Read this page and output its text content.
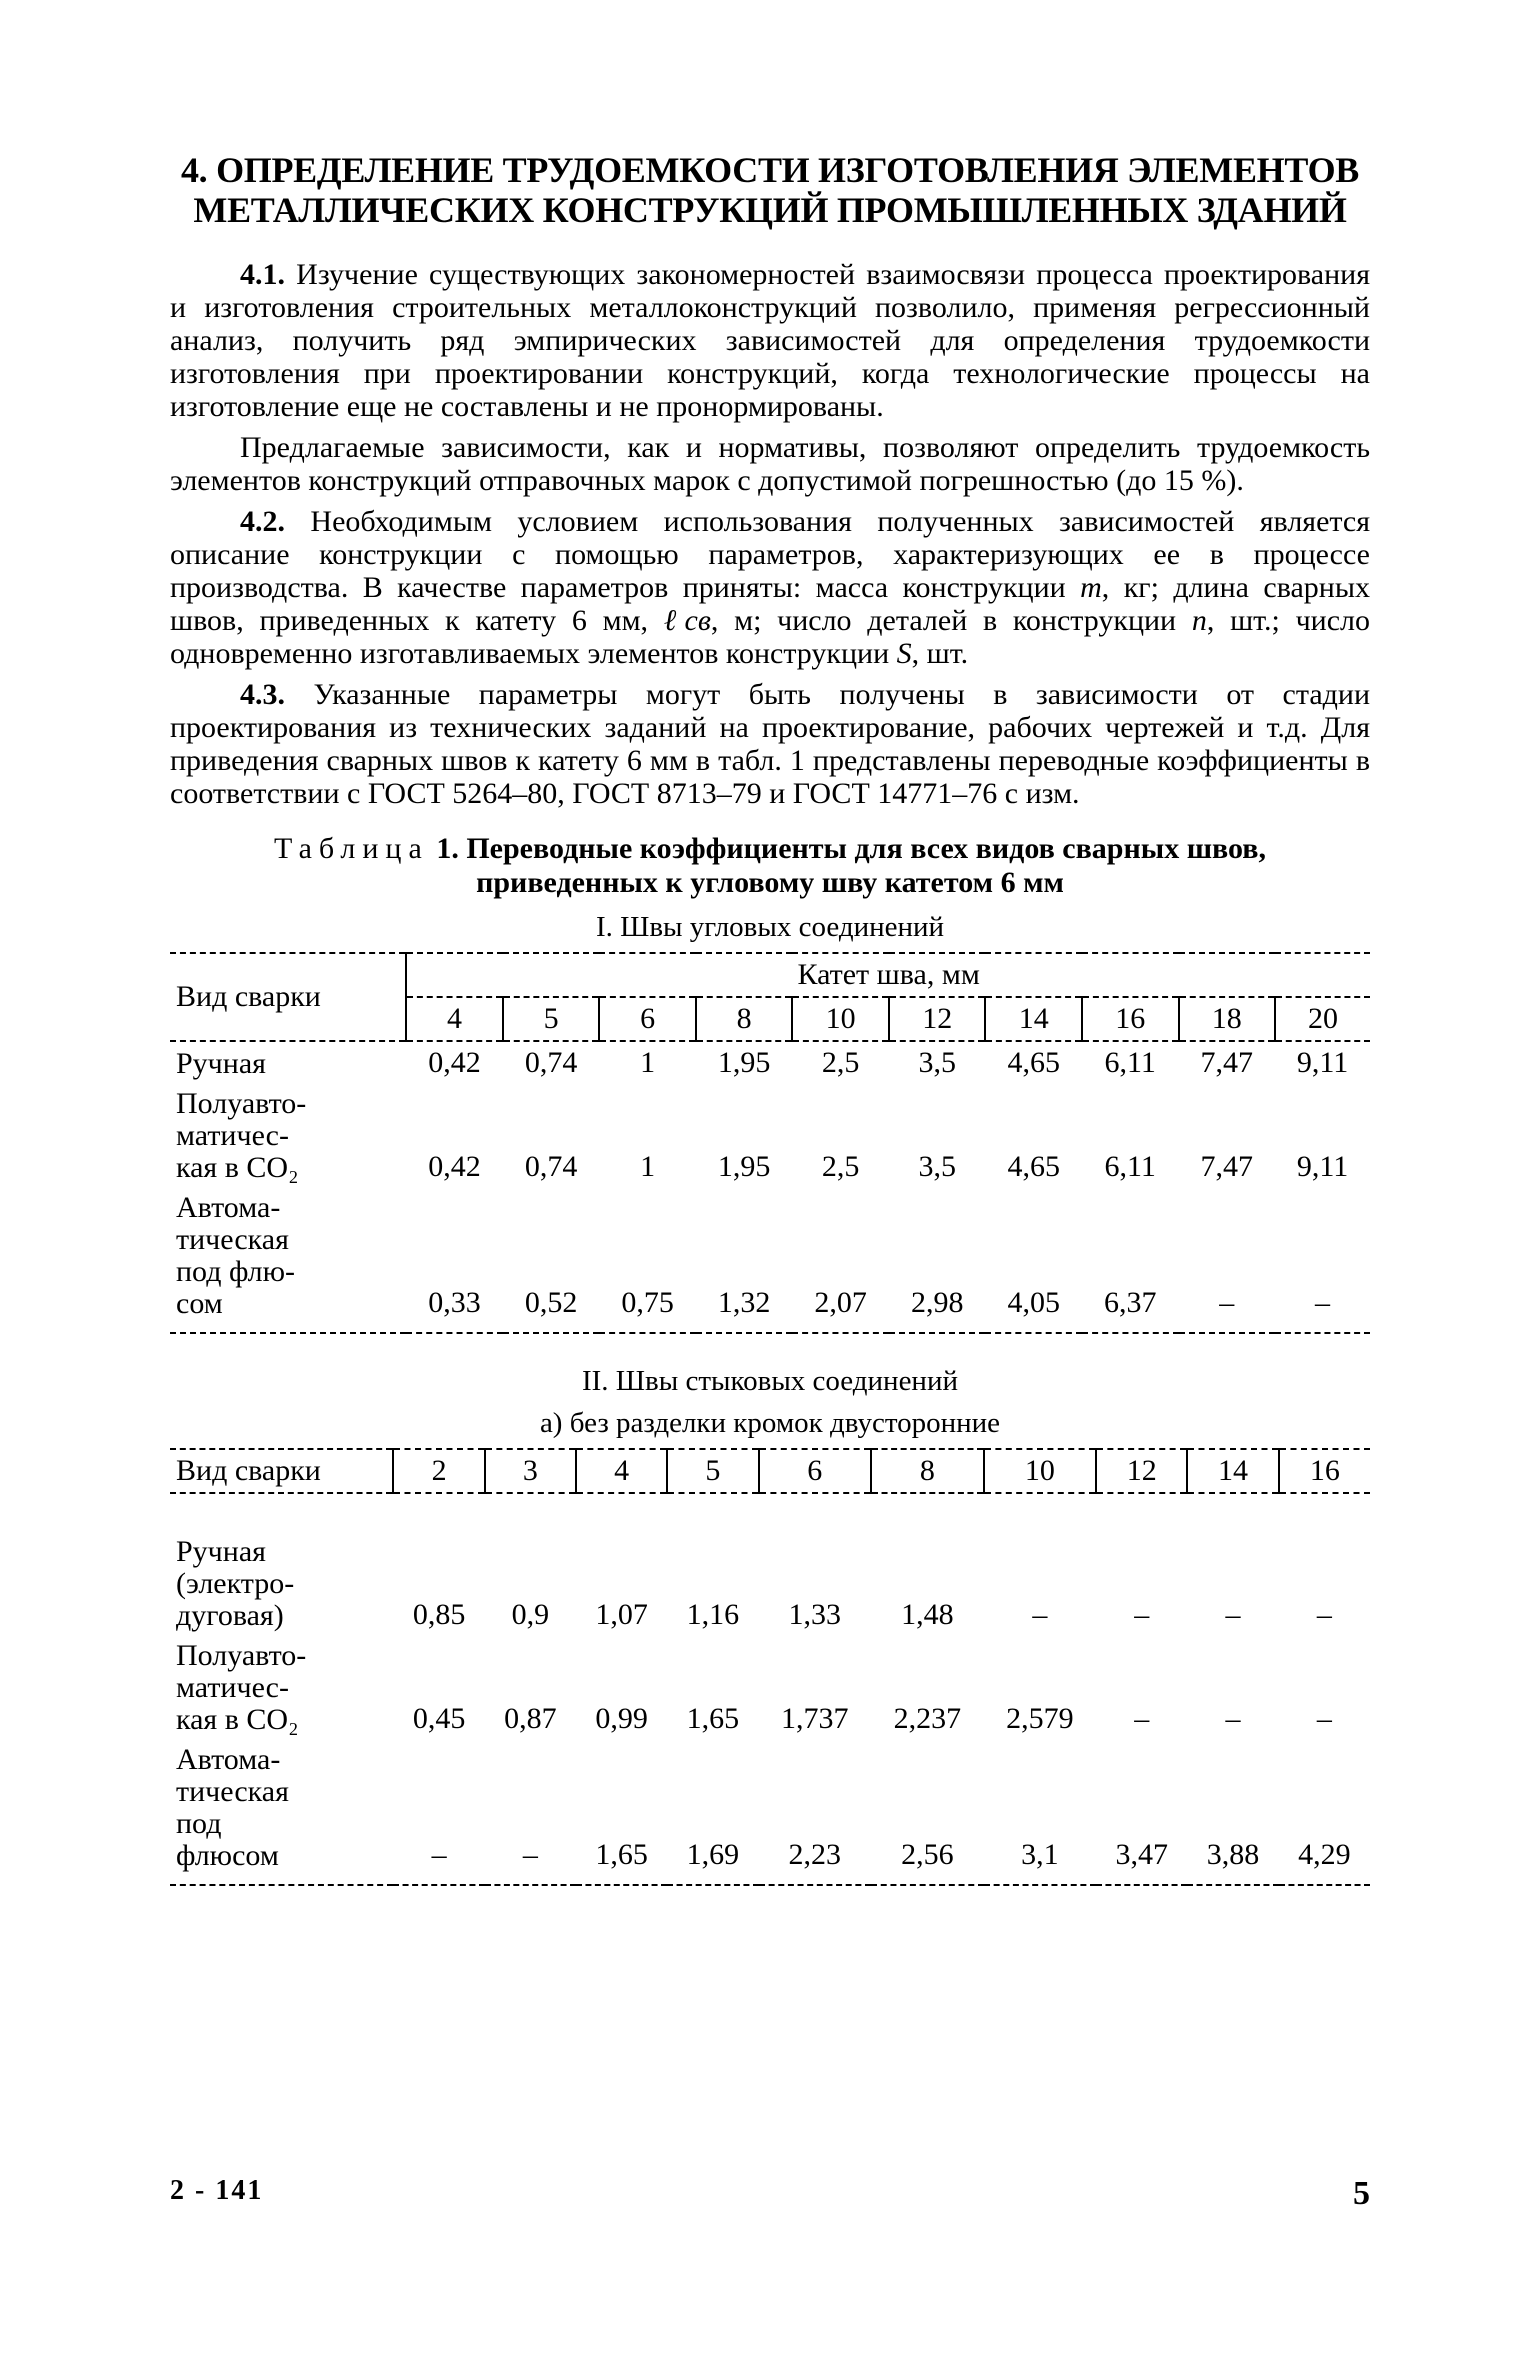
4. ОПРЕДЕЛЕНИЕ ТРУДОЕМКОСТИ ИЗГОТОВЛЕНИЯ ЭЛЕМЕНТОВ
МЕТАЛЛИЧЕСКИХ КОНСТРУКЦИЙ ПРОМЫШЛЕННЫХ ЗДАНИЙ

4.1. Изучение существующих закономерностей взаимосвязи процесса проектирования и изготовления строительных металлоконструкций позволило, применяя регрессионный анализ, получить ряд эмпирических зависимостей для определения трудоемкости изготовления при проектировании конструкций, когда технологические процессы на изготовление еще не составлены и не пронормированы.

Предлагаемые зависимости, как и нормативы, позволяют определить трудоемкость элементов конструкций отправочных марок с допустимой погрешностью (до 15 %).

4.2. Необходимым условием использования полученных зависимостей является описание конструкции с помощью параметров, характеризующих ее в процессе производства. В качестве параметров приняты: масса конструкции m, кг; длина сварных швов, приведенных к катету 6 мм, ℓсв, м; число деталей в конструкции n, шт.; число одновременно изготавливаемых элементов конструкции S, шт.

4.3. Указанные параметры могут быть получены в зависимости от стадии проектирования из технических заданий на проектирование, рабочих чертежей и т.д. Для приведения сварных швов к катету 6 мм в табл. 1 представлены переводные коэффициенты в соответствии с ГОСТ 5264–80, ГОСТ 8713–79 и ГОСТ 14771–76 с изм.

Таблица 1. Переводные коэффициенты для всех видов сварных швов,
приведенных к угловому шву катетом 6 мм
I. Швы угловых соединений
Вид сварки	Катет шва, мм									
	4	5	6	8	10	12	14	16	18	20

Ручная	0,42	0,74	1	1,95	2,5	3,5	4,65	6,11	7,47	9,11

Полуавто-
матичес-
кая в CO₂	0,42	0,74	1	1,95	2,5	3,5	4,65	6,11	7,47	9,11

Автома-
тическая
под флю-
сом	0,33	0,52	0,75	1,32	2,07	2,98	4,05	6,37	–	–

II. Швы стыковых соединений
а) без разделки кромок двусторонние
Вид сварки	2	3	4	5	6	8	10	12	14	16

Ручная
(электро-
дуговая)	0,85	0,9	1,07	1,16	1,33	1,48	–	–	–	–

Полуавто-
матичес-
кая в CO₂	0,45	0,87	0,99	1,65	1,737	2,237	2,579	–	–	–

Автома-
тическая
под
флюсом	–	–	1,65	1,69	2,23	2,56	3,1	3,47	3,88	4,29

2 - 141	5
